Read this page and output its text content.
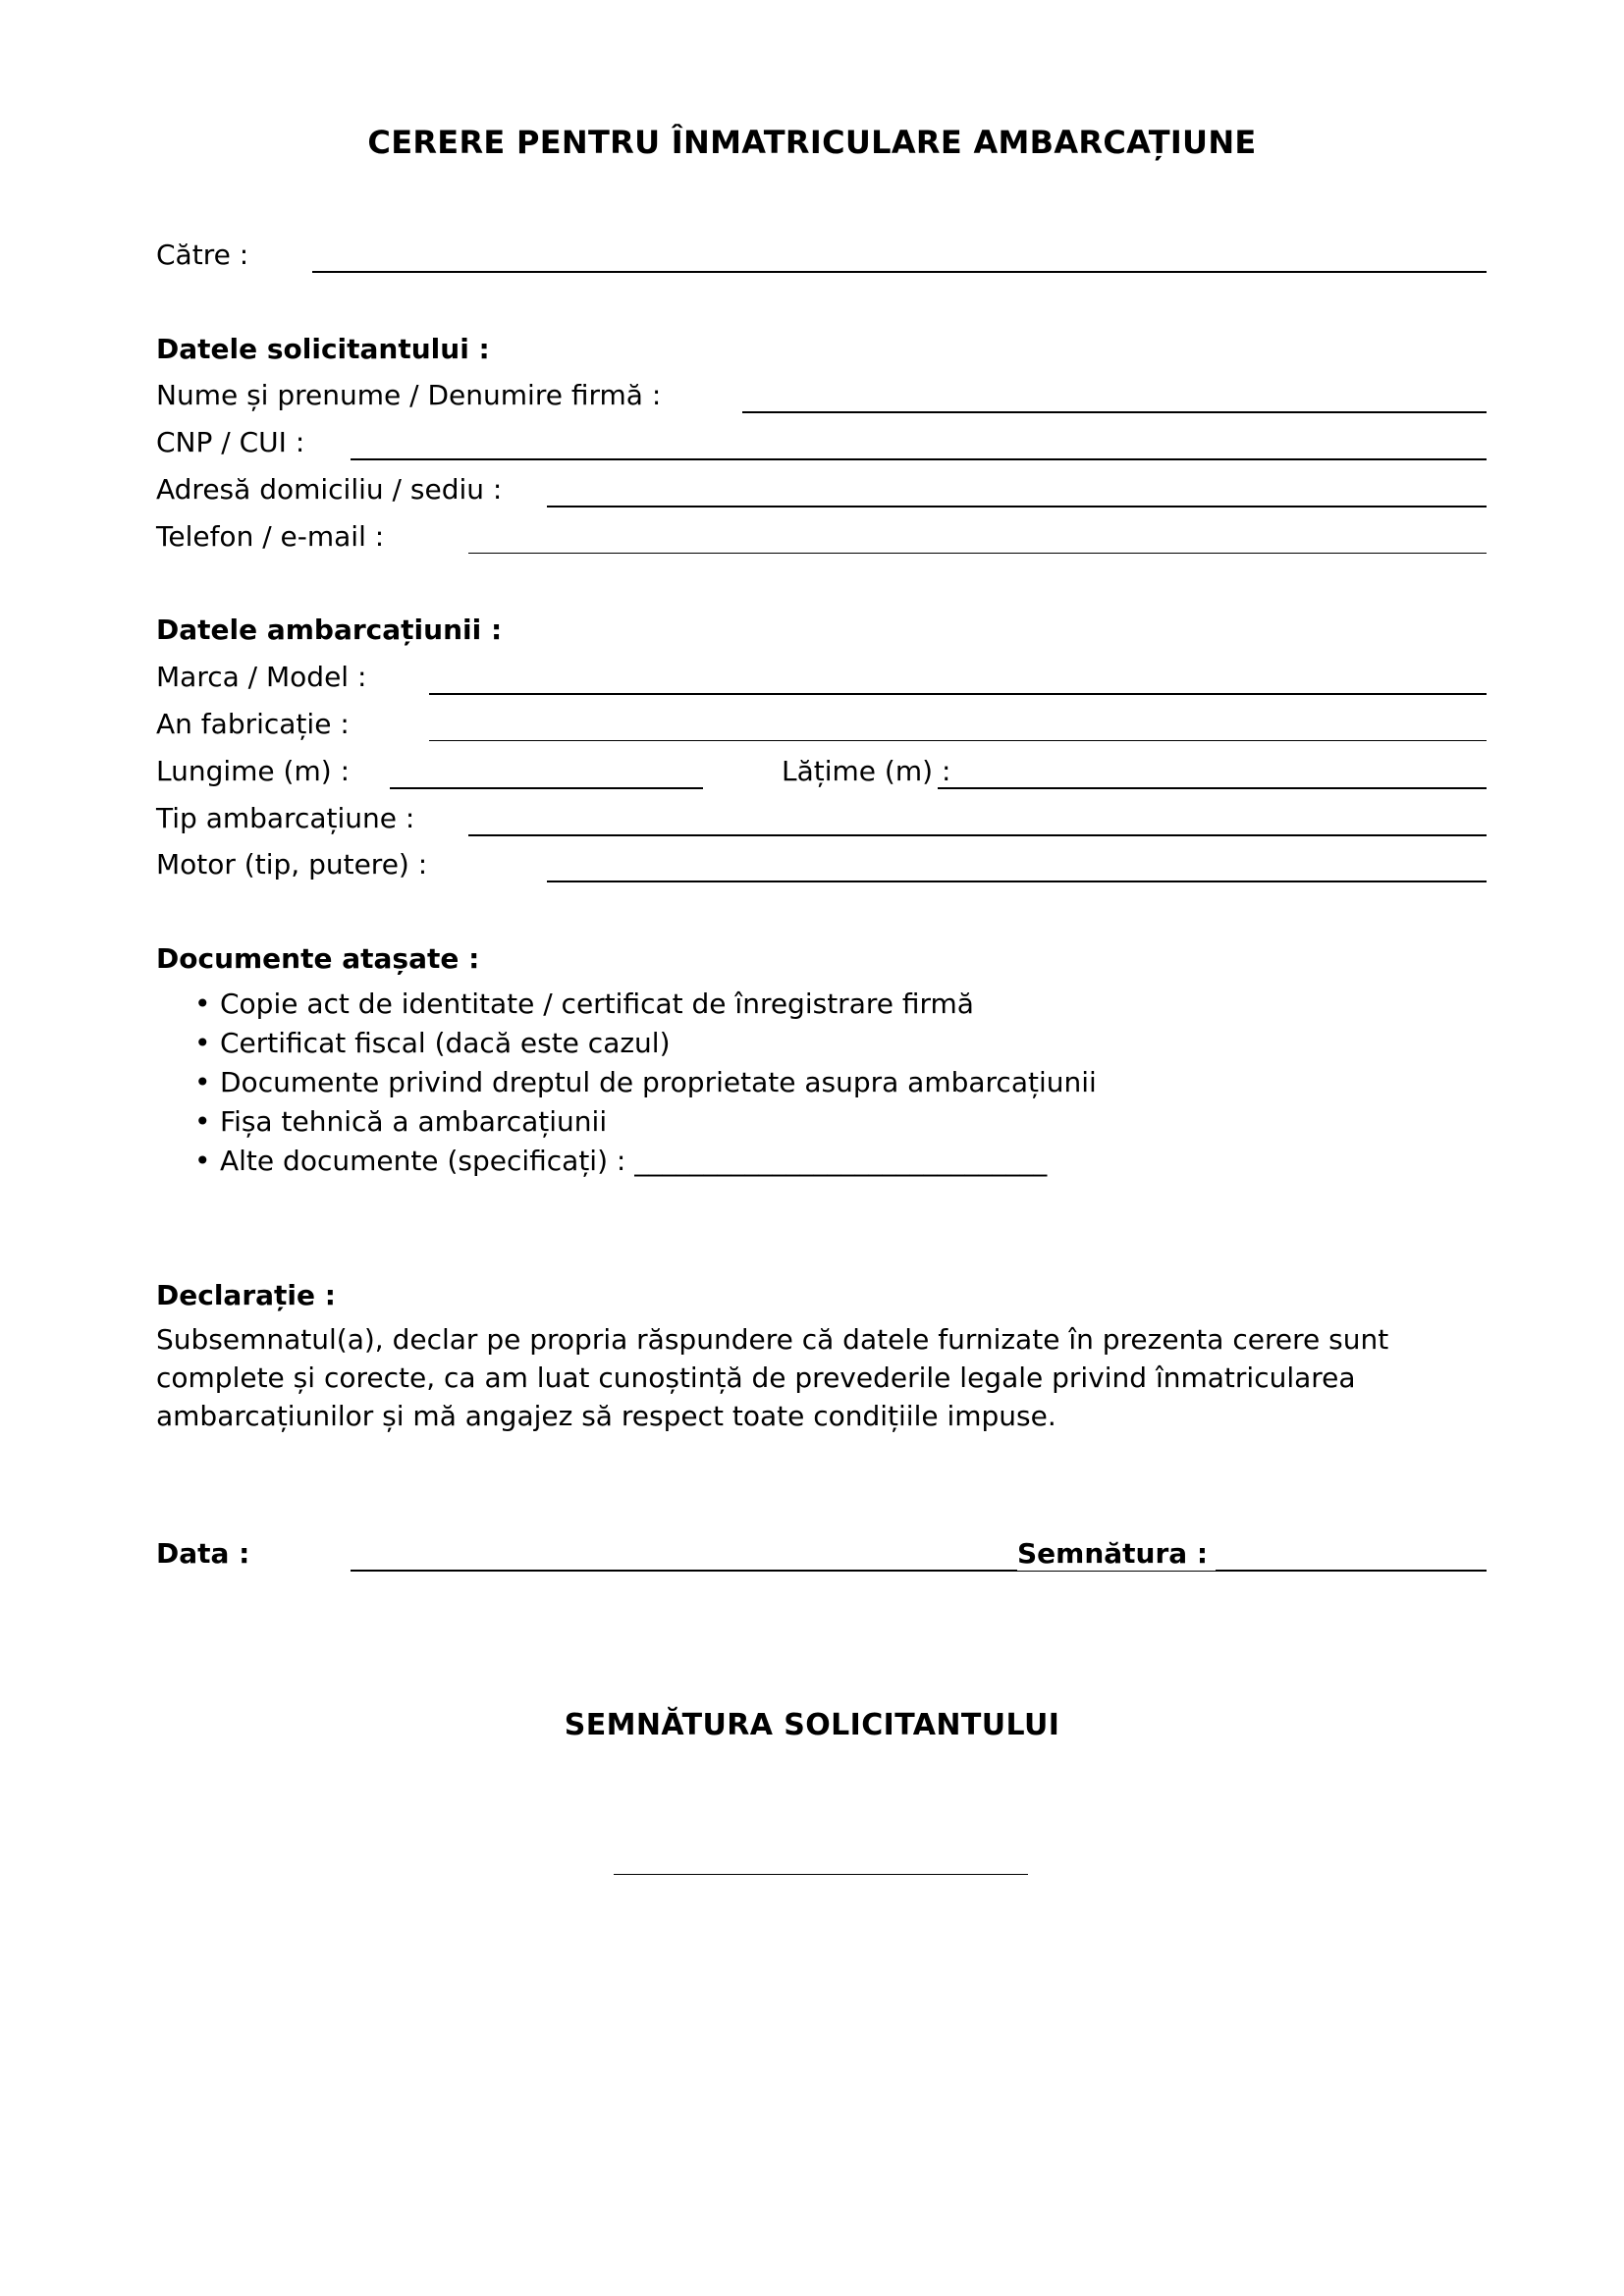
CERERE PENTRU ÎNMATRICULARE AMBARCAȚIUNE
Către :
Datele solicitantului :
Nume și prenume / Denumire firmă :
CNP / CUI :
Adresă domiciliu / sediu :
Telefon / e-mail :
Datele ambarcațiunii :
Marca / Model :
An fabricație :
Lungime (m) :	Lățime (m) :
Tip ambarcațiune :
Motor (tip, putere) :
Documente atașate :
• Copie act de identitate / certificat de înregistrare firmă
• Certificat fiscal (dacă este cazul)
• Documente privind dreptul de proprietate asupra ambarcațiunii
• Fișa tehnică a ambarcațiunii
• Alte documente (specificați) : ______________________________
Declarație :
Subsemnatul(a), declar pe propria răspundere că datele furnizate în prezenta cerere sunt
complete și corecte, ca am luat cunoștință de prevederile legale privind înmatricularea
ambarcațiunilor și mă angajez să respect toate condițiile impuse.
Data :	Semnătura :
SEMNĂTURA SOLICITANTULUI
